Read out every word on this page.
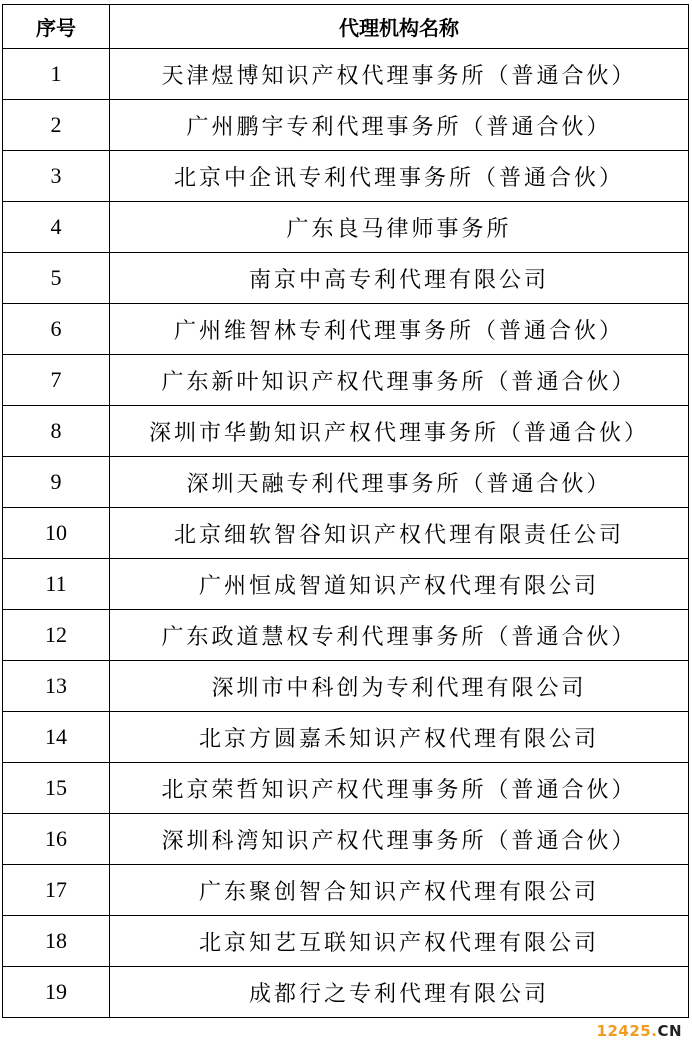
序号	代理机构名称
1	天津煜博知识产权代理事务所（普通合伙）
2	广州鹏宇专利代理事务所（普通合伙）
3	北京中企讯专利代理事务所（普通合伙）
4	广东良马律师事务所
5	南京中高专利代理有限公司
6	广州维智林专利代理事务所（普通合伙）
7	广东新叶知识产权代理事务所（普通合伙）
8	深圳市华勤知识产权代理事务所（普通合伙）
9	深圳天融专利代理事务所（普通合伙）
10	北京细软智谷知识产权代理有限责任公司
11	广州恒成智道知识产权代理有限公司
12	广东政道慧权专利代理事务所（普通合伙）
13	深圳市中科创为专利代理有限公司
14	北京方圆嘉禾知识产权代理有限公司
15	北京荣哲知识产权代理事务所（普通合伙）
16	深圳科湾知识产权代理事务所（普通合伙）
17	广东聚创智合知识产权代理有限公司
18	北京知艺互联知识产权代理有限公司
19	成都行之专利代理有限公司
12425.CN
